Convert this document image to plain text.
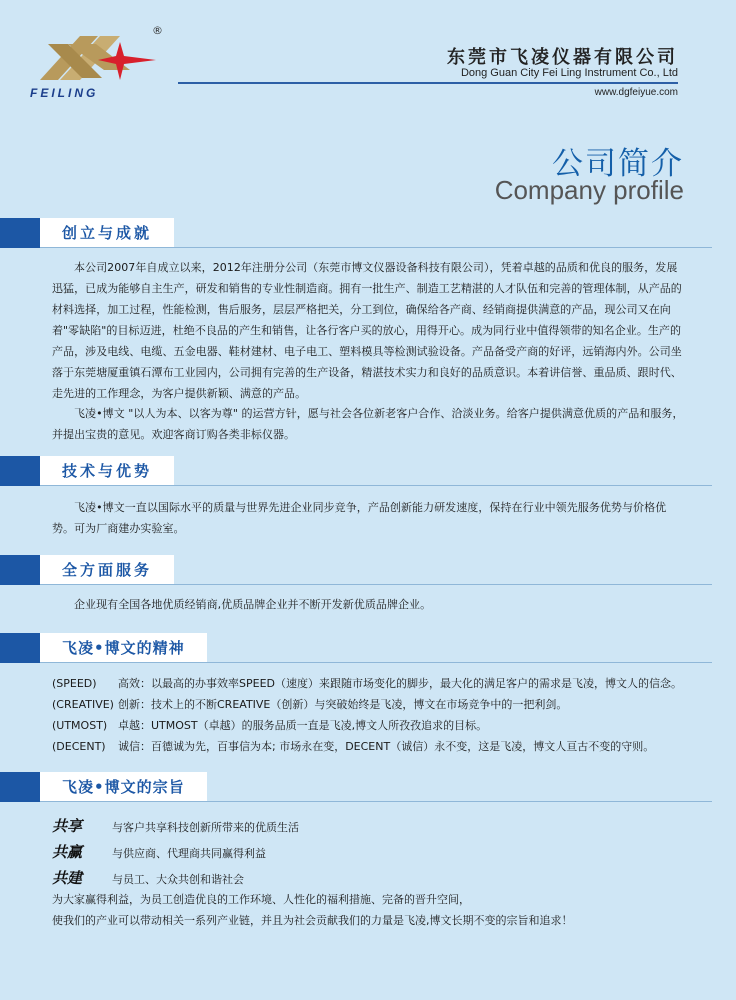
®
FEILING
东莞市飞凌仪器有限公司
Dong Guan City Fei Ling Instrument Co., Ltd
www.dgfeiyue.com
公司简介
Company profile
创立与成就

本公司2007年自成立以来，2012年注册分公司（东莞市博文仪器设备科技有限公司），凭着卓越的品质和优良的服务，发展迅猛，已成为能够自主生产，研发和销售的专业性制造商。拥有一批生产、制造工艺精湛的人才队伍和完善的管理体制，从产品的材料选择，加工过程，性能检测，售后服务，层层严格把关，分工到位，确保给各产商、经销商提供满意的产品，现公司又在向着"零缺陷"的目标迈进，杜绝不良品的产生和销售，让各行客户买的放心，用得开心。成为同行业中值得领带的知名企业。生产的产品，涉及电线、电缆、五金电器、鞋材建材、电子电工、塑料模具等检测试验设备。产品备受产商的好评，远销海内外。公司坐落于东莞塘厦重镇石潭布工业园内，公司拥有完善的生产设备，精湛技术实力和良好的品质意识。本着讲信誉、重品质、跟时代、走先进的工作理念，为客户提供新颖、满意的产品。

飞凌•博文 "以人为本、以客为尊" 的运营方针，愿与社会各位新老客户合作、洽淡业务。给客户提供满意优质的产品和服务，并提出宝贵的意见。欢迎客商订购各类非标仪器。

技术与优势

飞凌•博文一直以国际水平的质量与世界先进企业同步竞争，产品创新能力研发速度，保持在行业中领先服务优势与价格优势。可为厂商建办实验室。

全方面服务

企业现有全国各地优质经销商,优质品牌企业并不断开发新优质品牌企业。

飞凌•博文的精神
(SPEED) 高效：以最高的办事效率SPEED（速度）来跟随市场变化的脚步，最大化的满足客户的需求是飞凌，博文人的信念。
(CREATIVE) 创新：技术上的不断CREATIVE（创新）与突破始终是飞凌，博文在市场竞争中的一把利剑。
(UTMOST) 卓越：UTMOST（卓越）的服务品质一直是飞凌,博文人所孜孜追求的目标。
(DECENT) 诚信：百德诚为先，百事信为本; 市场永在变，DECENT（诚信）永不变，这是飞凌，博文人亘古不变的守则。
飞凌•博文的宗旨
共享	与客户共享科技创新所带来的优质生活
共赢	与供应商、代理商共同赢得利益
共建	与员工、大众共创和谐社会
为大家赢得利益，为员工创造优良的工作环境、人性化的福利措施、完备的晋升空间，
使我们的产业可以带动相关一系列产业链，并且为社会贡献我们的力量是飞凌,博文长期不变的宗旨和追求！
